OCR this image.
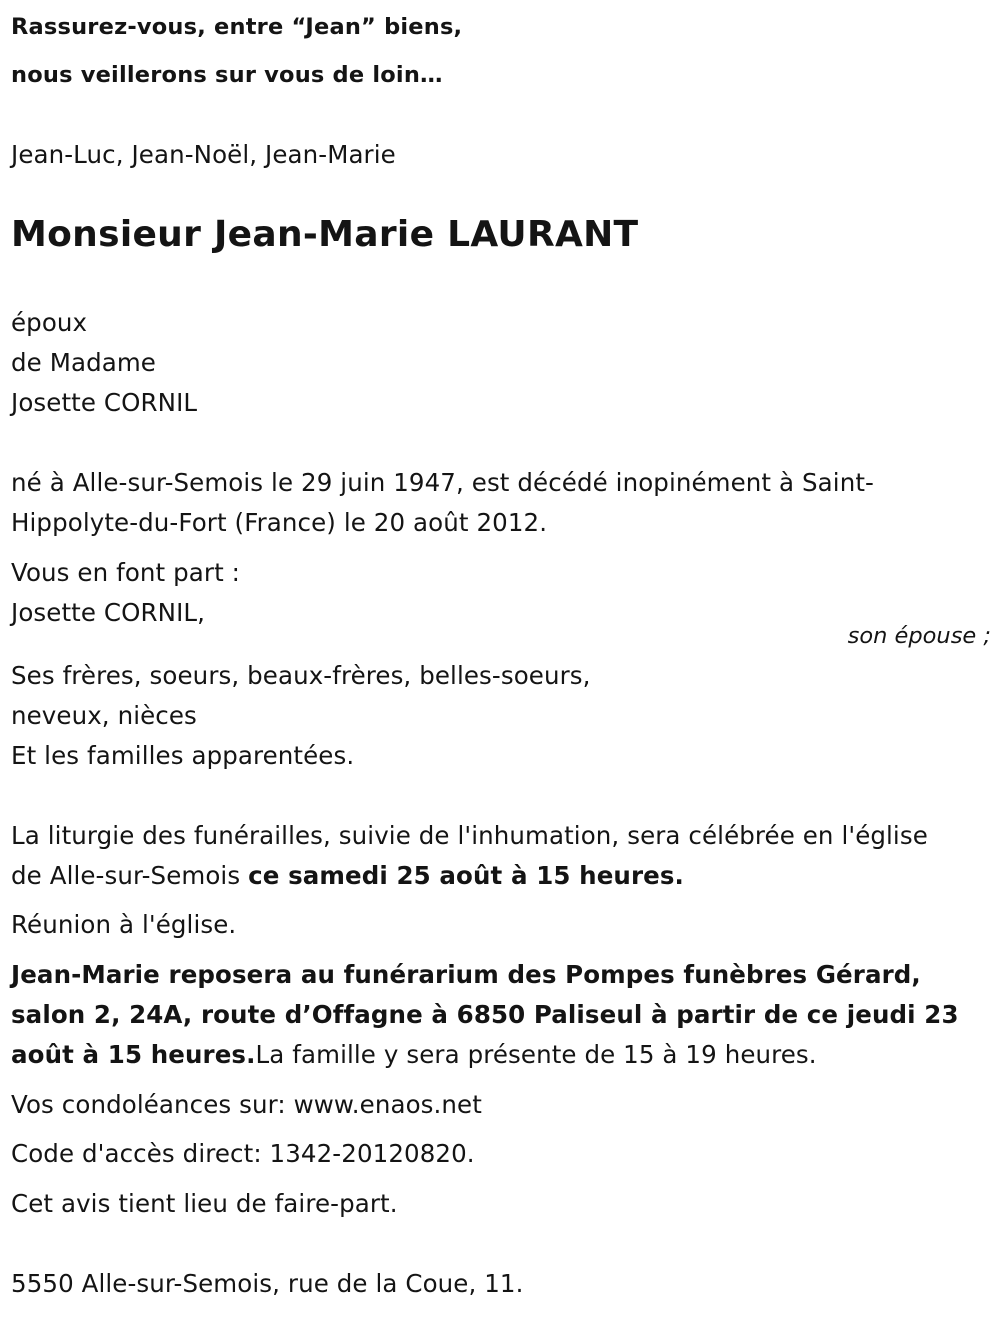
Rassurez-vous, entre “Jean” biens,
nous veillerons sur vous de loin…
Jean-Luc, Jean-Noël, Jean-Marie
Monsieur Jean-Marie LAURANT
époux
de Madame
Josette CORNIL
né à Alle-sur-Semois le 29 juin 1947, est décédé inopinément à Saint-
Hippolyte-du-Fort (France) le 20 août 2012.
Vous en font part :
Josette CORNIL,
son épouse ;
Ses frères, soeurs, beaux-frères, belles-soeurs,
neveux, nièces
Et les familles apparentées.
La liturgie des funérailles, suivie de l'inhumation, sera célébrée en l'église
de Alle-sur-Semois ce samedi 25 août à 15 heures.
Réunion à l'église.
Jean-Marie reposera au funérarium des Pompes funèbres Gérard,
salon 2, 24A, route d’Offagne à 6850 Paliseul à partir de ce jeudi 23
août à 15 heures.La famille y sera présente de 15 à 19 heures.
Vos condoléances sur: www.enaos.net
Code d'accès direct: 1342-20120820.
Cet avis tient lieu de faire-part.
5550 Alle-sur-Semois, rue de la Coue, 11.
